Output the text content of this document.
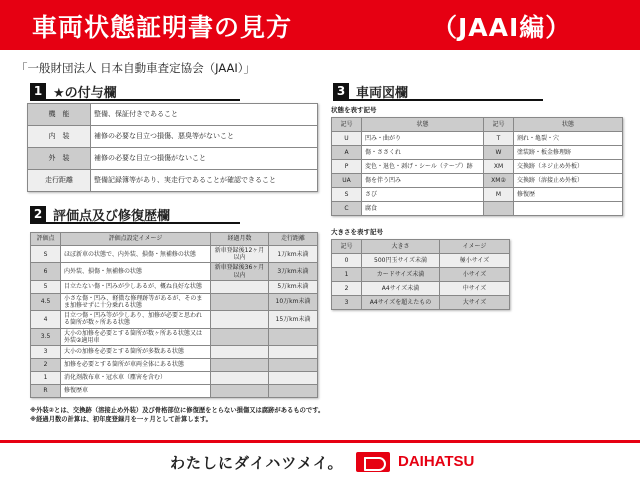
車両状態証明書の見方	（JAAI編）
「一般財団法人 日本自動車査定協会（JAAI）」
1 ★の付与欄
機　能	整備、保証付きであること
内　装	補修の必要な目立つ損傷、悪臭等がないこと
外　装	補修の必要な目立つ損傷がないこと
走行距離	整備記録簿等があり、実走行であることが確認できること
2 評価点及び修復歴欄
評価点	評価点設定イメージ	経過月数	走行距離
S	ほぼ新車の状態で、内外装、損傷・無補修の状態	新車登録後12ヶ月以内	1万km未満
6	内外装、損傷・無補修の状態	新車登録後36ヶ月以内	3万km未満
5	目立たない傷・凹みが少しあるが、概ね良好な状態		5万km未満
4.5	小さな傷・凹み、軽微な修理跡等があるが、そのまま加修せずに十分乗れる状態		10万km未満
4	目立つ傷・凹み等が少しあり、加修が必要と思われる箇所が数ヶ所ある状態		15万km未満
3.5	大小の加修を必要とする箇所が数ヶ所ある状態又は外装②適用車		
3	大小の加修を必要とする箇所が多数ある状態		
2	加修を必要とする箇所が車両全体にある状態		
1	消化剤散布車・冠水車（塵害を含む）		
R	修復歴車		
※外装②とは、交換跡（溶接止め外装）及び骨格部位に修復歴をとらない損傷又は腐跡があるものです。
※経過月数の計算は、初年度登録月を一ヶ月として計算します。
3 車両図欄
状態を表す記号
記号	状態	記号	状態
U	凹み・曲がり	T	割れ・亀裂・穴
A	傷・ささくれ	W	塗装跡・板金修理跡
P	変色・退色・剥げ・シール（テープ）跡	XM	交換跡（ネジ止め外板）
UA	傷を伴う凹み	XM②	交換跡（溶接止め外板）
S	さび	M	修復歴
C	腐食		
大きさを表す記号
記号	大きさ	イメージ
0	500円玉サイズ未満	極小サイズ
1	カードサイズ未満	小サイズ
2	A4サイズ未満	中サイズ
3	A4サイズを超えたもの	大サイズ
わたしにダイハツメイ。	DAIHATSU
